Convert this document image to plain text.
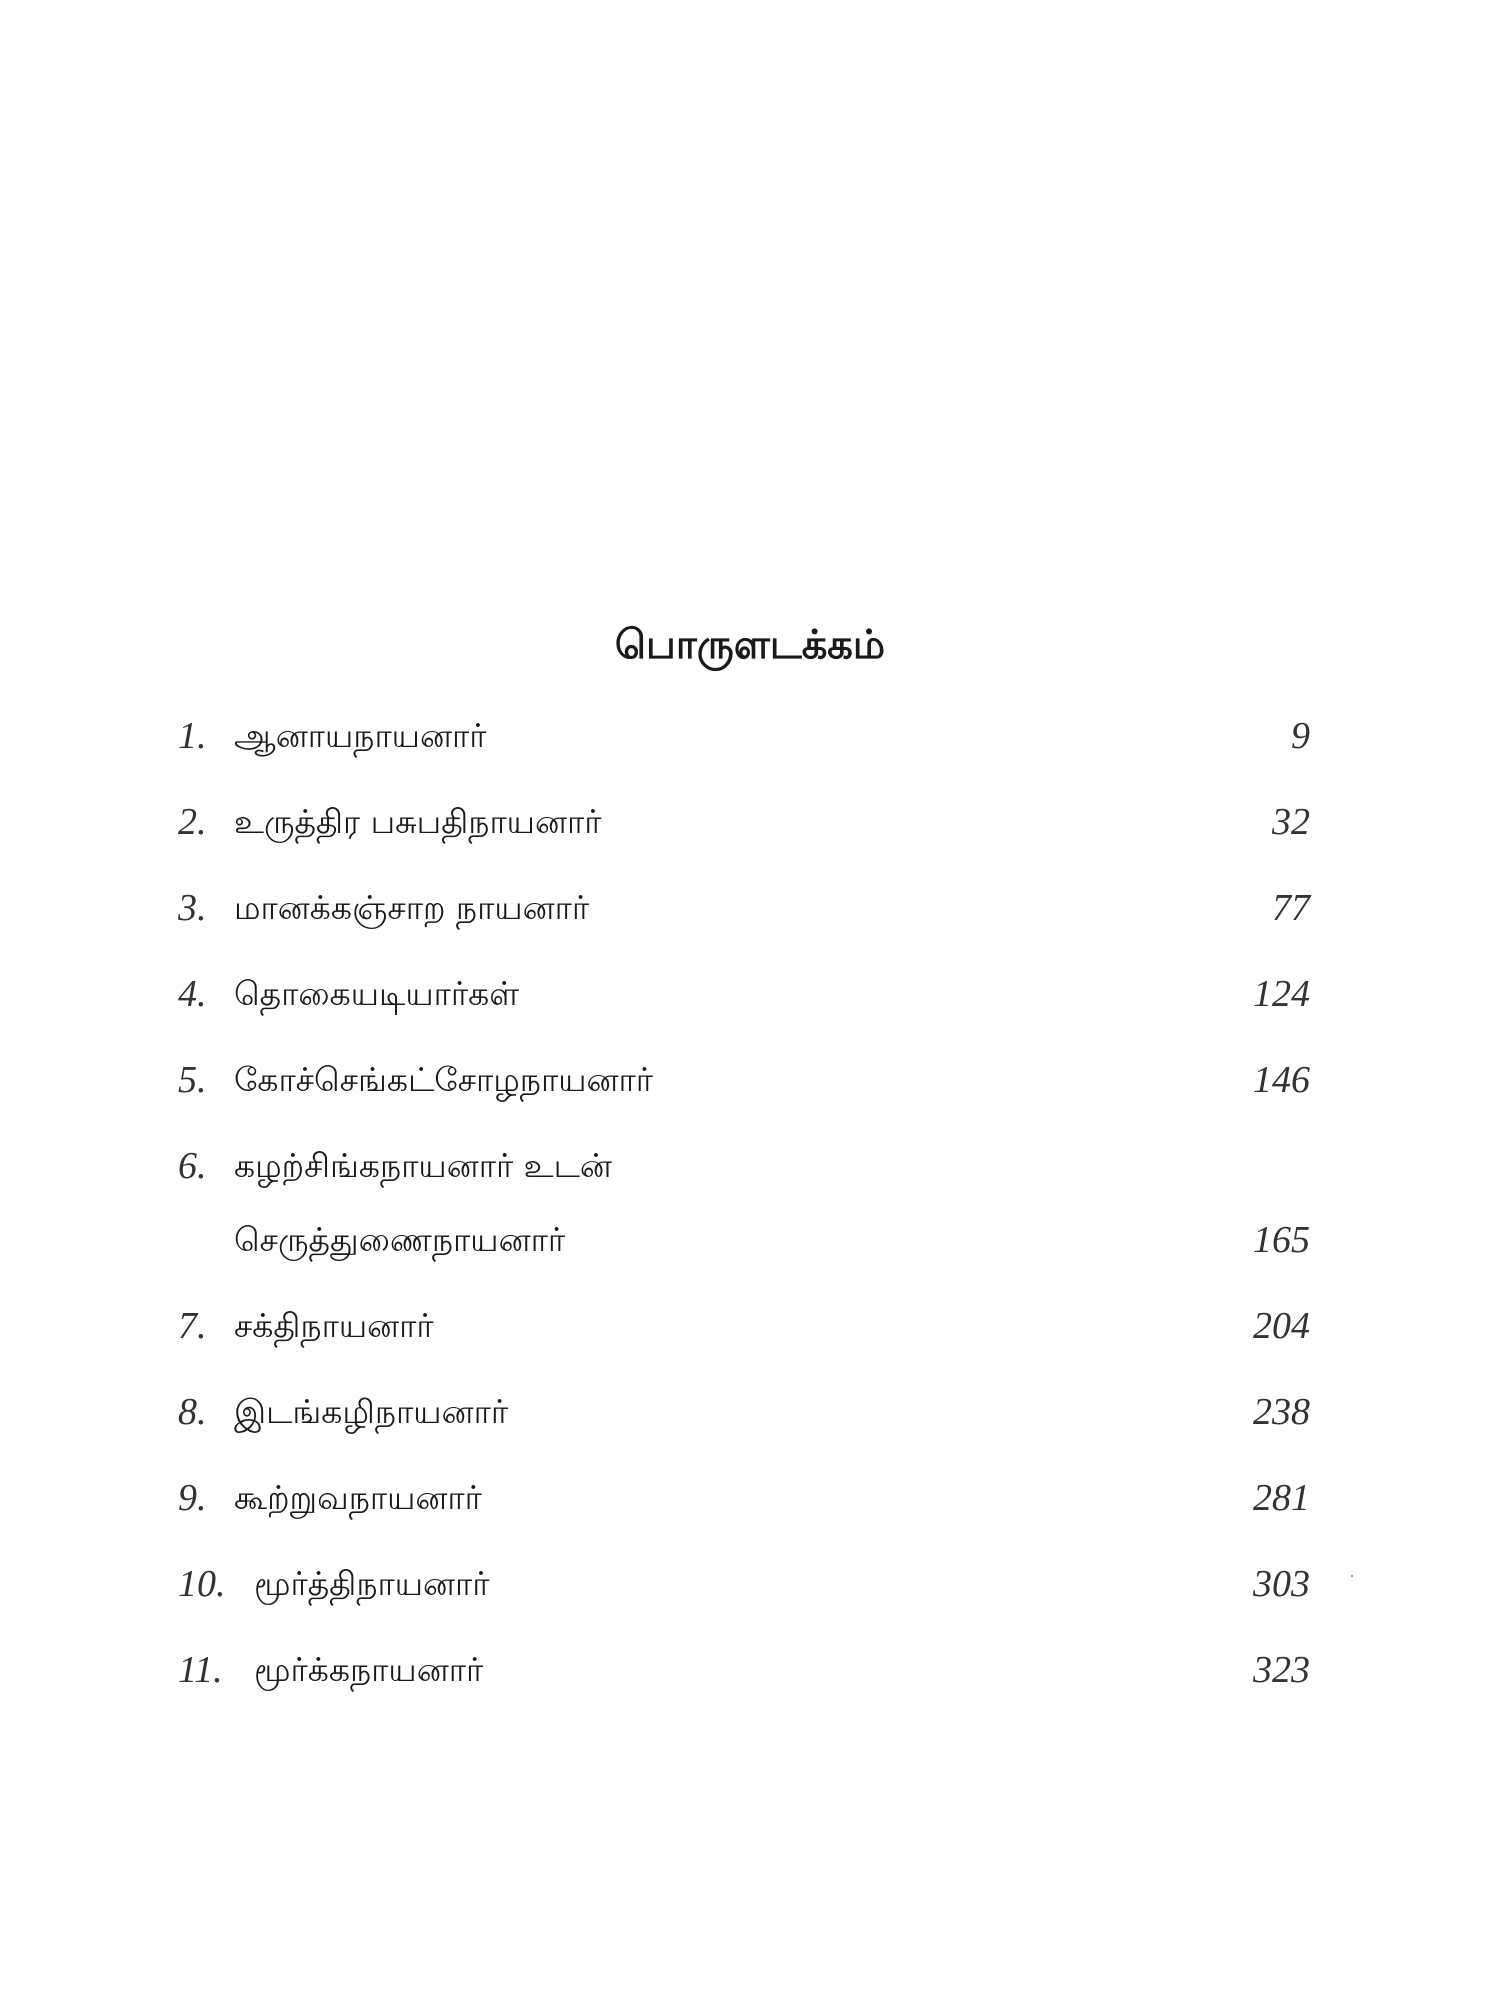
பொருளடக்கம்
1. ஆனாயநாயனார்	9
2. உருத்திர பசுபதிநாயனார்	32
3. மானக்கஞ்சாற நாயனார்	77
4. தொகையடியார்கள்	124
5. கோச்செங்கட்சோழநாயனார்	146
6. கழற்சிங்கநாயனார் உடன்
செருத்துணைநாயனார்	165
7. சக்திநாயனார்	204
8. இடங்கழிநாயனார்	238
9. கூற்றுவநாயனார்	281
10. மூர்த்திநாயனார்	303
11. மூர்க்கநாயனார்	323
